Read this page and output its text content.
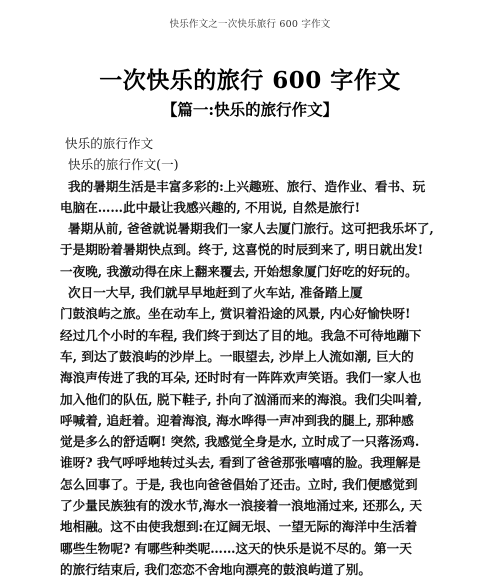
快乐作文之一次快乐旅行 600 字作文
一次快乐的旅行 600 字作文
【篇一:快乐的旅行作文】
快乐的旅行作文
快乐的旅行作文(一)
我的暑期生活是丰富多彩的:上兴趣班、旅行、造作业、看书、玩
电脑在……此中最让我感兴趣的, 不用说, 自然是旅行!
暑期从前, 爸爸就说暑期我们一家人去厦门旅行。这可把我乐坏了,
于是期盼着暑期快点到。终于, 这喜悦的时辰到来了, 明日就出发!
一夜晚, 我激动得在床上翻来覆去, 开始想象厦门好吃的好玩的。
次日一大早, 我们就早早地赶到了火车站, 准备踏上厦
门鼓浪屿之旅。坐在动车上, 赏识着沿途的风景, 内心好愉快呀!
经过几个小时的车程, 我们终于到达了目的地。我急不可待地蹦下
车, 到达了鼓浪屿的沙岸上。一眼望去, 沙岸上人流如潮, 巨大的
海浪声传进了我的耳朵, 还时时有一阵阵欢声笑语。我们一家人也
加入他们的队伍, 脱下鞋子, 扑向了汹涌而来的海浪。我们尖叫着,
呼喊着, 追赶着。迎着海浪, 海水哗得一声冲到我的腿上, 那种感
觉是多么的舒适啊! 突然, 我感觉全身是水, 立时成了一只落汤鸡.
谁呀? 我气呼呼地转过头去, 看到了爸爸那张嘻嘻的脸。我理解是
怎么回事了。于是, 我也向爸爸倡始了还击。立时, 我们便感觉到
了少量民族独有的泼水节,海水一浪接着一浪地涌过来, 还那么, 天
地相融。这不由使我想到:在辽阔无垠、一望无际的海洋中生活着
哪些生物呢? 有哪些种类呢……这天的快乐是说不尽的。第一天
的旅行结束后, 我们恋恋不舍地向漂亮的鼓浪屿道了别。
